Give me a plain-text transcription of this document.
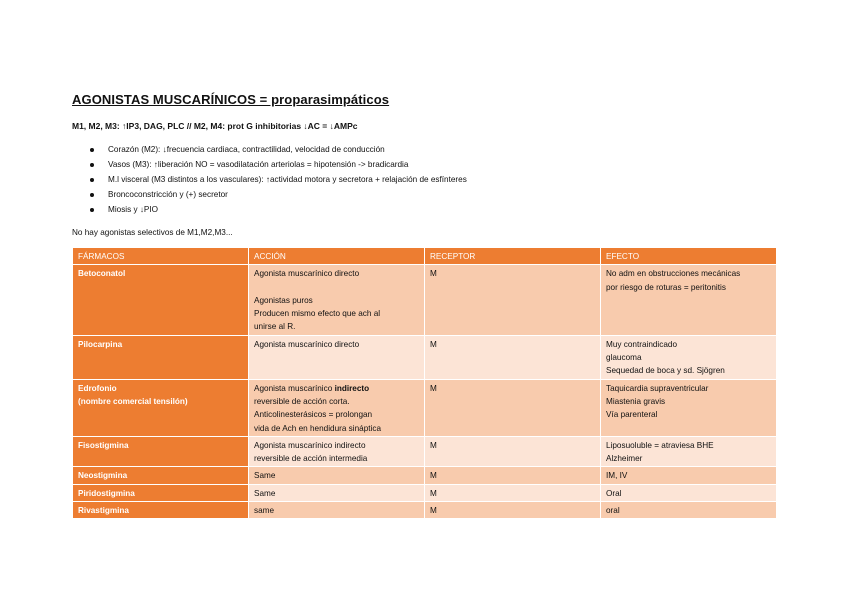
AGONISTAS MUSCARÍNICOS = proparasimpáticos
M1, M2, M3: ↑IP3, DAG, PLC // M2, M4: prot G inhibitorias ↓AC = ↓AMPc
Corazón (M2): ↓frecuencia cardiaca, contractilidad, velocidad de conducción
Vasos (M3): ↑liberación NO = vasodilatación arteriolas = hipotensión -> bradicardia
M.l visceral (M3 distintos a los vasculares): ↑actividad motora y secretora + relajación de esfínteres
Broncoconstricción y (+) secretor
Miosis y ↓PIO
No hay agonistas selectivos de M1,M2,M3...
FÁRMACOS	ACCIÓN	RECEPTOR	EFECTO

Betoconatol	Agonista muscarínico directo
Agonistas puros
Producen mismo efecto que ach al
unirse al R.	M	No adm en obstrucciones mecánicas
por riesgo de roturas = peritonitis

Pilocarpina	Agonista muscarínico directo	M	Muy contraindicado
glaucoma
Sequedad de boca y sd. Sjögren

Edrofonio
(nombre comercial tensilón)	Agonista muscarínico indirecto
reversible de acción corta.
Anticolinesterásicos = prolongan
vida de Ach en hendidura sináptica	M	Taquicardia supraventricular
Miastenia gravis
Vía parenteral

Fisostigmina	Agonista muscarínico indirecto
reversible de acción intermedia	M	Liposuoluble = atraviesa BHE
Alzheimer

Neostigmina	Same	M	IM, IV

Piridostigmina	Same	M	Oral

Rivastigmina	same	M	oral
